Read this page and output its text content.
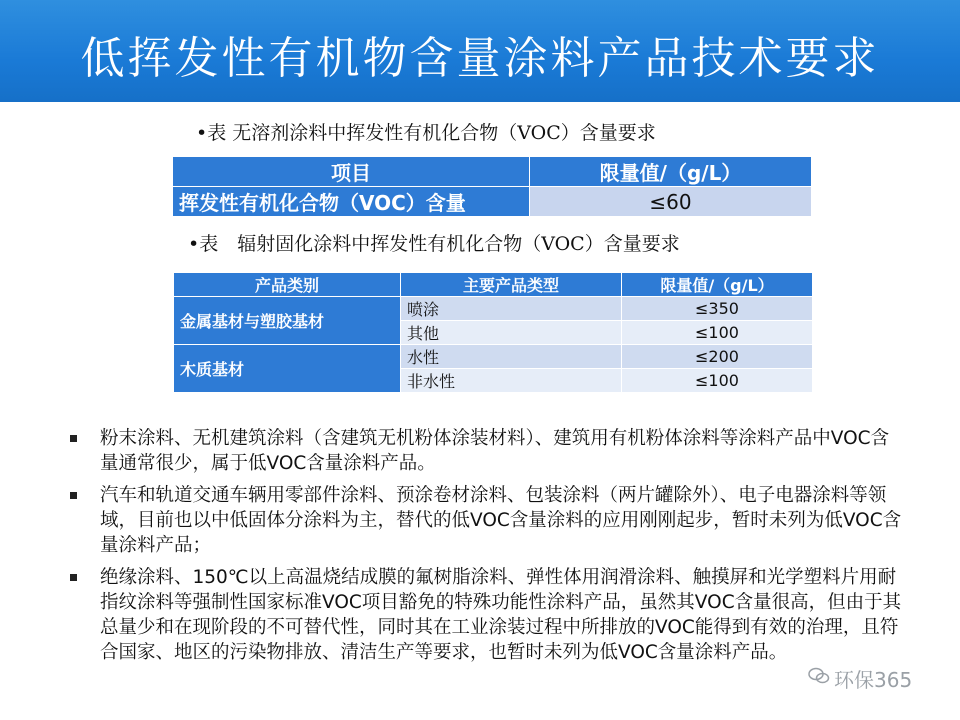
低挥发性有机物含量涂料产品技术要求
•表 无溶剂涂料中挥发性有机化合物（VOC）含量要求
项目	限量值/（g/L）
挥发性有机化合物（VOC）含量	≤60
•表　辐射固化涂料中挥发性有机化合物（VOC）含量要求
产品类别	主要产品类型	限量值/（g/L）
金属基材与塑胶基材	喷涂	≤350
	其他	≤100
木质基材	水性	≤200
	非水性	≤100
粉末涂料、无机建筑涂料（含建筑无机粉体涂装材料）、建筑用有机粉体涂料等涂料产品中VOC含量通常很少，属于低VOC含量涂料产品。
汽车和轨道交通车辆用零部件涂料、预涂卷材涂料、包装涂料（两片罐除外）、电子电器涂料等领域，目前也以中低固体分涂料为主，替代的低VOC含量涂料的应用刚刚起步，暂时未列为低VOC含量涂料产品；
绝缘涂料、150℃以上高温烧结成膜的氟树脂涂料、弹性体用润滑涂料、触摸屏和光学塑料片用耐指纹涂料等强制性国家标准VOC项目豁免的特殊功能性涂料产品，虽然其VOC含量很高，但由于其总量少和在现阶段的不可替代性，同时其在工业涂装过程中所排放的VOC能得到有效的治理，且符合国家、地区的污染物排放、清洁生产等要求，也暂时未列为低VOC含量涂料产品。
环保365
